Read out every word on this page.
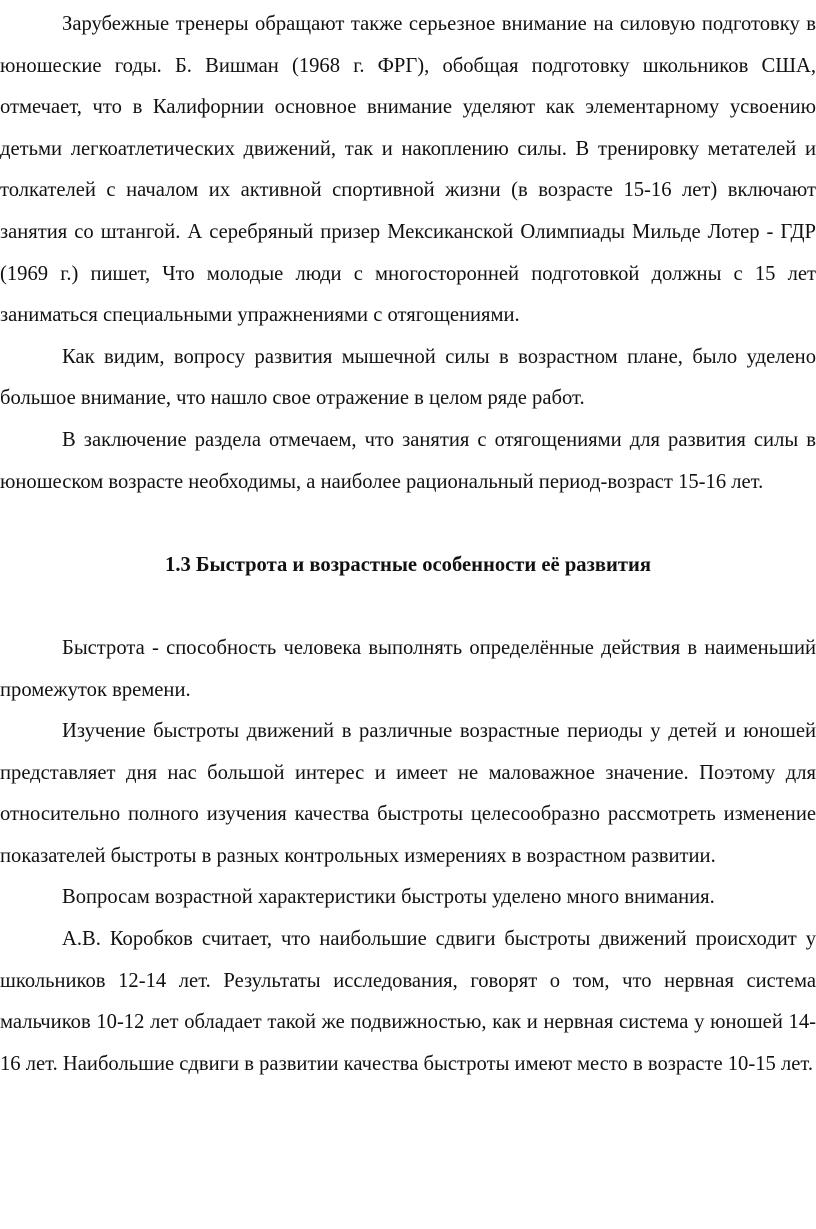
Зарубежные тренеры обращают также серьезное внимание на силовую подготовку в юношеские годы. Б. Вишман (1968 г. ФРГ), обобщая подготовку школьников США, отмечает, что в Калифорнии основное внимание уделяют как элементарному усвоению детьми легкоатлетических движений, так и накоплению силы. В тренировку метателей и толкателей с началом их активной спортивной жизни (в возрасте 15-16 лет) включают занятия со штангой. А серебряный призер Мексиканской Олимпиады Мильде Лотер - ГДР (1969 г.) пишет, Что молодые люди с многосторонней подготовкой должны с 15 лет заниматься специальными упражнениями с отягощениями.

Как видим, вопросу развития мышечной силы в возрастном плане, было уделено большое внимание, что нашло свое отражение в целом ряде работ.

В заключение раздела отмечаем, что занятия с отягощениями для развития силы в юношеском возрасте необходимы, а наиболее рациональный период-возраст 15-16 лет.

1.3 Быстрота и возрастные особенности её развития

Быстрота - способность человека выполнять определённые действия в наименьший промежуток времени.

Изучение быстроты движений в различные возрастные периоды у детей и юношей представляет дня нас большой интерес и имеет не маловажное значение. Поэтому для относительно полного изучения качества быстроты целесообразно рассмотреть изменение показателей быстроты в разных контрольных измерениях в возрастном развитии.

Вопросам возрастной характеристики быстроты уделено много внимания.

А.В. Коробков считает, что наибольшие сдвиги быстроты движений происходит у школьников 12-14 лет. Результаты исследования, говорят о том, что нервная система мальчиков 10-12 лет обладает такой же подвижностью, как и нервная система у юношей 14-16 лет. Наибольшие сдвиги в развитии качества быстроты имеют место в возрасте 10-15 лет.
